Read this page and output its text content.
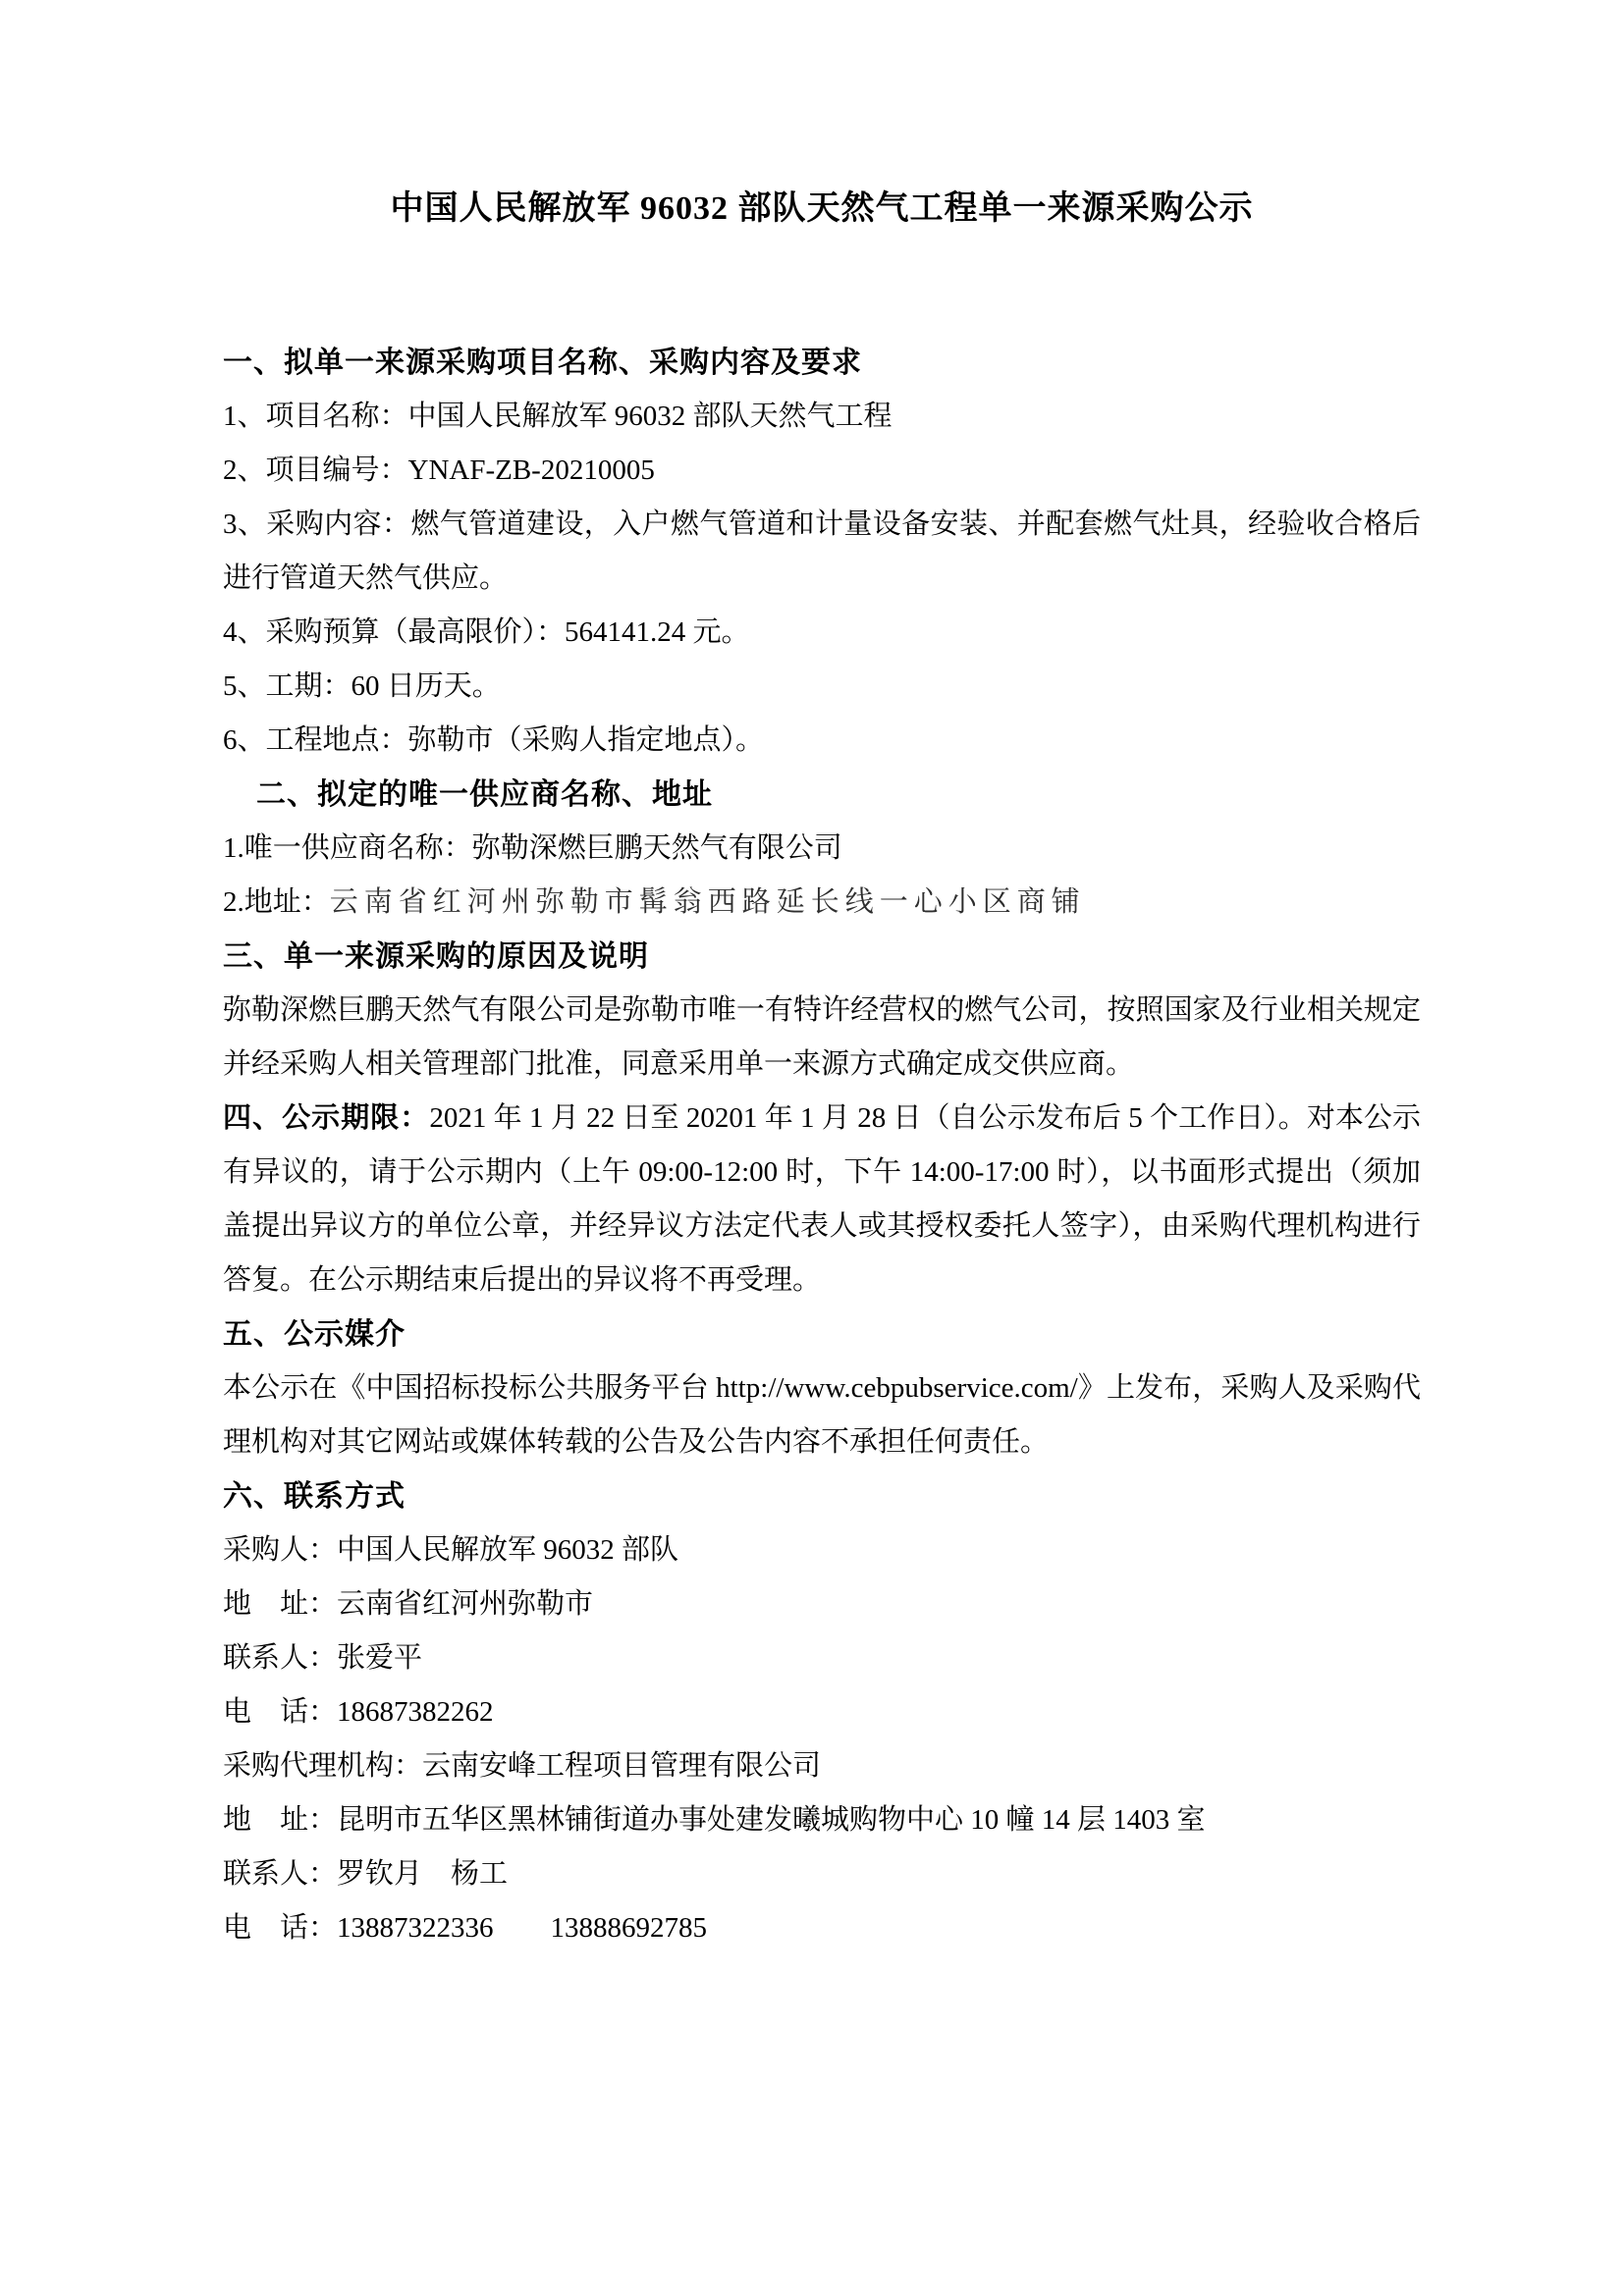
中国人民解放军 96032 部队天然气工程单一来源采购公示
一、拟单一来源采购项目名称、采购内容及要求

1、项目名称：中国人民解放军 96032 部队天然气工程

2、项目编号：YNAF-ZB-20210005

3、采购内容：燃气管道建设，入户燃气管道和计量设备安装、并配套燃气灶具，经验收合格后进行管道天然气供应。

4、采购预算（最高限价）：564141.24 元。

5、工期：60 日历天。

6、工程地点：弥勒市（采购人指定地点）。

二、拟定的唯一供应商名称、地址

1.唯一供应商名称：弥勒深燃巨鹏天然气有限公司

2.地址：云南省红河州弥勒市髯翁西路延长线一心小区商铺

三、单一来源采购的原因及说明

弥勒深燃巨鹏天然气有限公司是弥勒市唯一有特许经营权的燃气公司，按照国家及行业相关规定并经采购人相关管理部门批准，同意采用单一来源方式确定成交供应商。

四、公示期限：2021 年 1 月 22 日至 20201 年 1 月 28 日（自公示发布后 5 个工作日）。对本公示有异议的，请于公示期内（上午 09:00-12:00 时，下午 14:00-17:00 时），以书面形式提出（须加盖提出异议方的单位公章，并经异议方法定代表人或其授权委托人签字），由采购代理机构进行答复。在公示期结束后提出的异议将不再受理。

五、公示媒介

本公示在《中国招标投标公共服务平台 http://www.cebpubservice.com/》上发布，采购人及采购代理机构对其它网站或媒体转载的公告及公告内容不承担任何责任。

六、联系方式

采购人：中国人民解放军 96032 部队

地　址：云南省红河州弥勒市

联系人：张爱平

电　话：18687382262

采购代理机构：云南安峰工程项目管理有限公司

地　址：昆明市五华区黑林铺街道办事处建发曦城购物中心 10 幢 14 层 1403 室

联系人：罗钦月　杨工

电　话：13887322336　　13888692785
